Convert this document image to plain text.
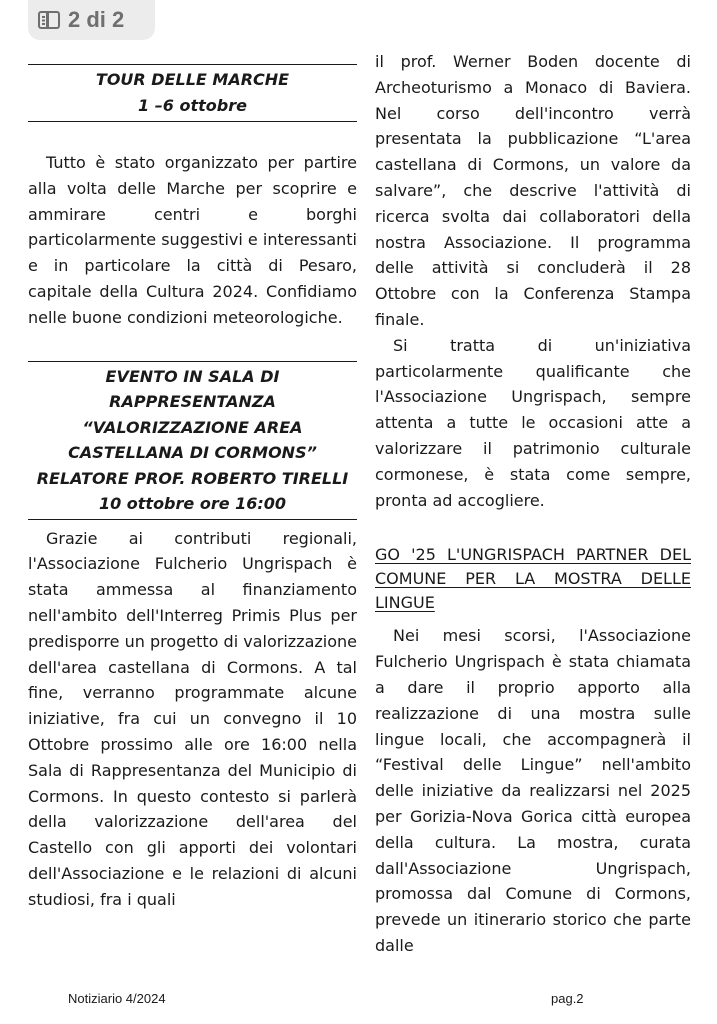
2 di 2
TOUR DELLE MARCHE
1 –6 ottobre

Tutto è stato organizzato per partire alla volta delle Marche per scoprire e ammirare centri e borghi particolarmente suggestivi e interessanti e in particolare la città di Pesaro, capitale della Cultura 2024. Confidiamo nelle buone condizioni meteorologiche.

EVENTO IN SALA DI
RAPPRESENTANZA
“VALORIZZAZIONE AREA
CASTELLANA DI CORMONS”
RELATORE PROF. ROBERTO TIRELLI
10 ottobre ore 16:00

Grazie ai contributi regionali, l'Associazione Fulcherio Ungrispach è stata ammessa al finanziamento nell'ambito dell'Interreg Primis Plus per predisporre un progetto di valorizzazione dell'area castellana di Cormons. A tal fine, verranno programmate alcune iniziative, fra cui un convegno il 10 Ottobre prossimo alle ore 16:00 nella Sala di Rappresentanza del Municipio di Cormons. In questo contesto si parlerà della valorizzazione dell'area del Castello con gli apporti dei volontari dell'Associazione e le relazioni di alcuni studiosi, fra i quali

il prof. Werner Boden docente di Archeoturismo a Monaco di Baviera. Nel corso dell'incontro verrà presentata la pubblicazione “L'area castellana di Cormons, un valore da salvare”, che descrive l'attività di ricerca svolta dai collaboratori della nostra Associazione. Il programma delle attività si concluderà il 28 Ottobre con la Conferenza Stampa finale.

Si tratta di un'iniziativa particolarmente qualificante che l'Associazione Ungrispach, sempre attenta a tutte le occasioni atte a valorizzare il patrimonio culturale cormonese, è stata come sempre, pronta ad accogliere.

GO '25 L'UNGRISPACH PARTNER DEL COMUNE PER LA MOSTRA DELLE LINGUE

Nei mesi scorsi, l'Associazione Fulcherio Ungrispach è stata chiamata a dare il proprio apporto alla realizzazione di una mostra sulle lingue locali, che accompagnerà il “Festival delle Lingue” nell'ambito delle iniziative da realizzarsi nel 2025 per Gorizia-Nova Gorica città europea della cultura. La mostra, curata dall'Associazione Ungrispach, promossa dal Comune di Cormons, prevede un itinerario storico che parte dalle

Notiziario 4/2024	pag.2
